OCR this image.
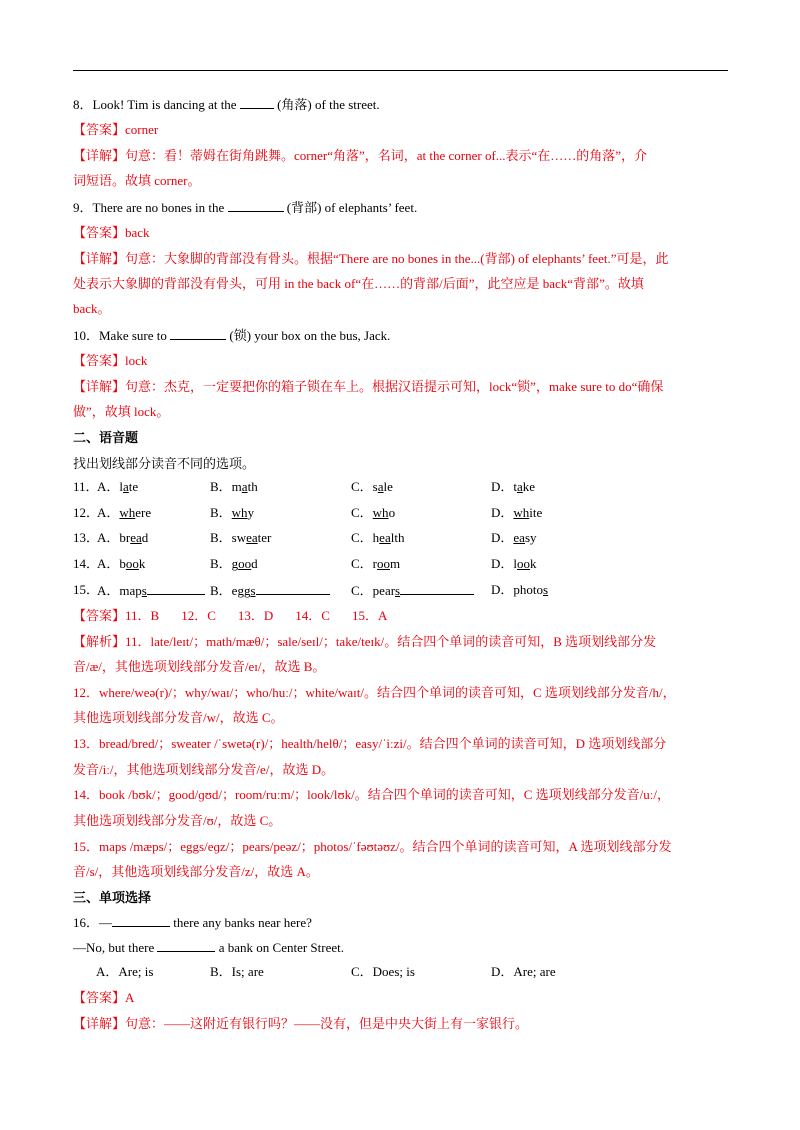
8．Look! Tim is dancing at the	(角落) of the street.
【答案】corner
【详解】句意：看！蒂姆在街角跳舞。corner“角落”，名词，at the corner of...表示“在……的角落”，介
词短语。故填 corner。
9．There are no bones in the	(背部) of elephants’ feet.
【答案】back
【详解】句意：大象脚的背部没有骨头。根据“There are no bones in the...(背部) of elephants’ feet.”可是，此
处表示大象脚的背部没有骨头，可用 in the back of“在……的背部/后面”，此空应是 back“背部”。故填
back。
10．Make sure to	(锁) your box on the bus, Jack.
【答案】lock
【详解】句意：杰克，一定要把你的箱子锁在车上。根据汉语提示可知，lock“锁”，make sure to do“确保
做”，故填 lock。
二、语音题
找出划线部分读音不同的选项。
11．
A．late	B．math	C．sale	D．take
12．
A．where	B．why	C．who	D．white
13．
A．bread	B．sweater	C．health	D．easy
14．
A．book	B．good	C．room	D．look
15．
A．maps	B．eggs	C．pears	D．photos
【答案】11．B 12．C 13．D 14．C 15．A
【解析】11．late/leɪt/；math/mæθ/；sale/seɪl/；take/teɪk/。结合四个单词的读音可知，B 选项划线部分发
音/æ/，其他选项划线部分发音/eɪ/，故选 B。
12．where/weə(r)/；why/waɪ/；who/huː/；white/waɪt/。结合四个单词的读音可知，C 选项划线部分发音/h/，
其他选项划线部分发音/w/，故选 C。
13．bread/bred/；sweater /ˈswetə(r)/；health/helθ/；easy/ˈiːzi/。结合四个单词的读音可知，D 选项划线部分
发音/iː/，其他选项划线部分发音/e/，故选 D。
14．book /bʊk/；good/ɡʊd/；room/ruːm/；look/lʊk/。结合四个单词的读音可知，C 选项划线部分发音/uː/，
其他选项划线部分发音/ʊ/，故选 C。
15．maps /mæps/；eggs/eɡz/；pears/peəz/；photos/ˈfəʊtəʊz/。结合四个单词的读音可知，A 选项划线部分发
音/s/，其他选项划线部分发音/z/，故选 A。
三、单项选择
16．—	there any banks near here?
—No, but there	a bank on Center Street.
A．Are; is	B．Is; are	C．Does; is	D．Are; are
【答案】A
【详解】句意：——这附近有银行吗？——没有，但是中央大街上有一家银行。
